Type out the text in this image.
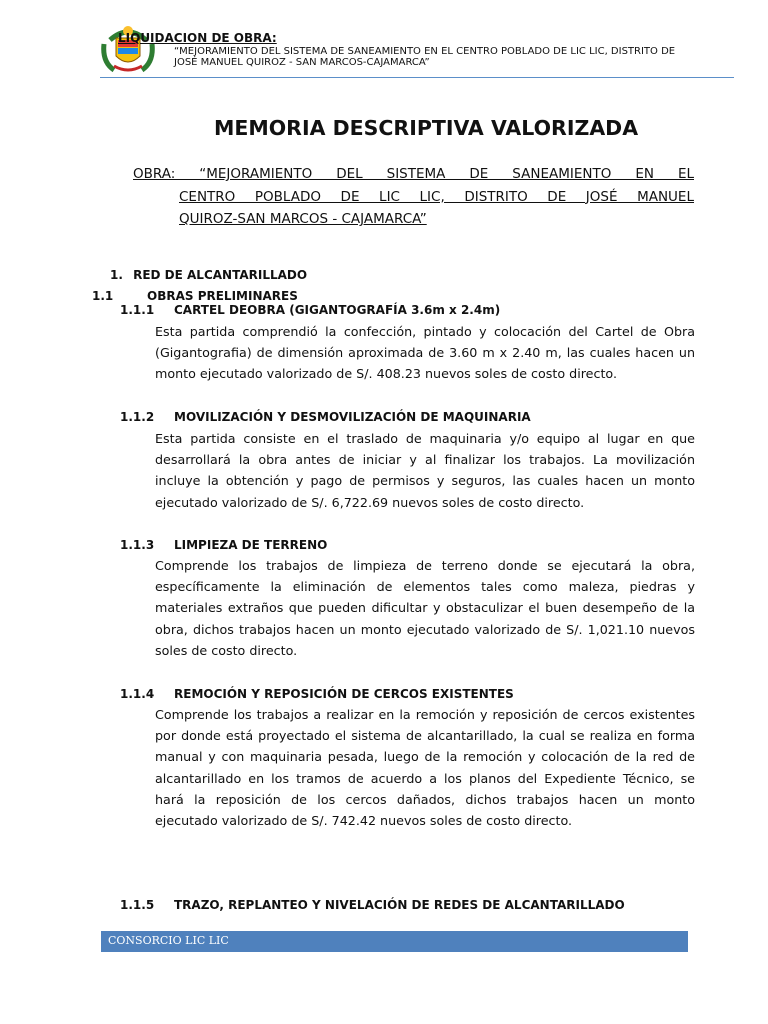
LIQUIDACION DE OBRA:
“MEJORAMIENTO DEL SISTEMA DE SANEAMIENTO EN EL CENTRO POBLADO DE LIC LIC, DISTRITO DE
JOSÉ MANUEL QUIROZ - SAN MARCOS-CAJAMARCA”
MEMORIA DESCRIPTIVA VALORIZADA
OBRA: “MEJORAMIENTO DEL SISTEMA DE SANEAMIENTO EN EL
CENTRO POBLADO DE LIC LIC, DISTRITO DE JOSÉ MANUEL
QUIROZ-SAN MARCOS - CAJAMARCA”
1. RED DE ALCANTARILLADO
1.1	OBRAS PRELIMINARES
1.1.1 CARTEL DEOBRA (GIGANTOGRAFÍA 3.6m x 2.4m)
Esta partida comprendió la confección, pintado y colocación del Cartel de Obra
(Gigantografia) de dimensión aproximada de 3.60 m x 2.40 m, las cuales hacen un
monto ejecutado valorizado de S/. 408.23 nuevos soles de costo directo.
1.1.2 MOVILIZACIÓN Y DESMOVILIZACIÓN DE MAQUINARIA
Esta partida consiste en el traslado de maquinaria y/o equipo al lugar en que
desarrollará la obra antes de iniciar y al finalizar los trabajos. La movilización
incluye la obtención y pago de permisos y seguros, las cuales hacen un monto
ejecutado valorizado de S/. 6,722.69 nuevos soles de costo directo.
1.1.3 LIMPIEZA DE TERRENO
Comprende los trabajos de limpieza de terreno donde se ejecutará la obra,
específicamente la eliminación de elementos tales como maleza, piedras y
materiales extraños que pueden dificultar y obstaculizar el buen desempeño de la
obra, dichos trabajos hacen un monto ejecutado valorizado de S/. 1,021.10 nuevos
soles de costo directo.
1.1.4 REMOCIÓN Y REPOSICIÓN DE CERCOS EXISTENTES
Comprende los trabajos a realizar en la remoción y reposición de cercos existentes
por donde está proyectado el sistema de alcantarillado, la cual se realiza en forma
manual y con maquinaria pesada, luego de la remoción y colocación de la red de
alcantarillado en los tramos de acuerdo a los planos del Expediente Técnico, se
hará la reposición de los cercos dañados, dichos trabajos hacen un monto
ejecutado valorizado de S/. 742.42 nuevos soles de costo directo.
1.1.5 TRAZO, REPLANTEO Y NIVELACIÓN DE REDES DE ALCANTARILLADO
CONSORCIO LIC LIC
